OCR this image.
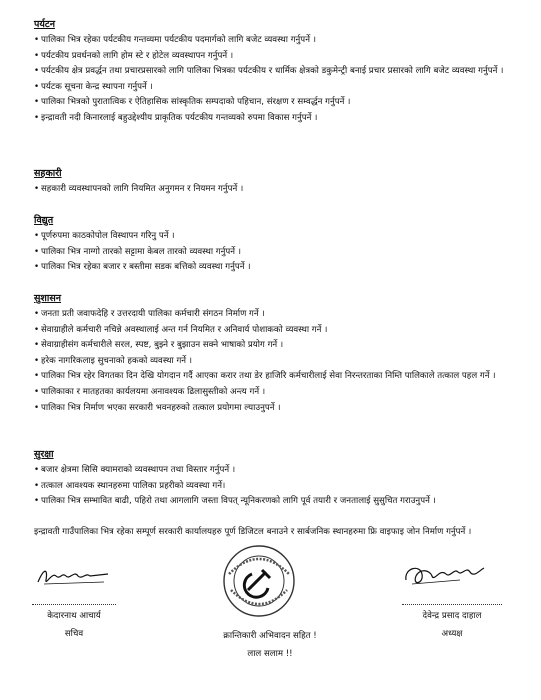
पर्यटन
• पालिका भित्र रहेका पर्यटकीय गन्तव्यमा पर्यटकीय पदमार्गको लागि बजेट व्यवस्था गर्नुपर्ने ।
• पर्यटकीय प्रवर्धनको लागि होम स्टे र होटेल व्यवस्थापन गर्नुपर्ने ।
• पर्यटकीय क्षेत्र प्रवर्द्धन तथा प्रचारप्रसारको लागि पालिका भित्रका पर्यटकीय र धार्मिक क्षेत्रको डकुमेन्ट्री बनाई प्रचार प्रसारको लागि बजेट व्यवस्था गर्नुपर्ने ।
• पर्यटक सूचना केन्द्र स्थापना गर्नुपर्ने ।
• पालिका भित्रको पुरातात्विक र ऐतिहासिक सांस्कृतिक सम्पदाको पहिचान, संरक्षण र सम्वर्द्धन गर्नुपर्ने ।
• इन्द्रावती नदी किनारलाई बहुउद्देश्यीय प्राकृतिक पर्यटकीय गन्तव्यको रुपमा विकास गर्नुपर्ने ।
सहकारी
• सहकारी व्यवस्थापनको लागि नियमित अनुगमन र नियमन गर्नुपर्ने ।
विद्युत
• पूर्णरुपमा काठकोपोल विस्थापन गरिनु पर्ने ।
• पालिका भित्र नाग्गो तारको सट्टामा केबल तारको व्यवस्था गर्नुपर्ने ।
• पालिका भित्र रहेका बजार र बस्तीमा सडक बत्तिको व्यवस्था गर्नुपर्ने ।
सुशासन
• जनता प्रती जवाफदेहि र उत्तरदायी पालिका कर्मचारी संगठन निर्माण गर्ने ।
• सेवाग्राहीले कर्मचारी नचिन्ने अवस्थालाई अन्त गर्न नियमित र अनिवार्य पोशाकको व्यवस्था गर्ने ।
• सेवाग्राहीसंग कर्मचारीले सरल, स्पष्ट, बुझ्ने र बुझाउन सक्ने भाषाको प्रयोग गर्ने ।
• हरेक नागरिकलाइ सुचनाको हकको व्यवस्था गर्ने ।
• पालिका भित्र रहेर विगतका दिन देखि योगदान गर्दै आएका करार तथा डेर हाजिरि कर्मचारीलाई सेवा निरन्तरताका निम्ति पालिकाले तत्काल पहल गर्ने ।
• पालिकाका र मातहतका कार्यलयमा अनावश्यक ढिलासुस्तीको अन्त्य गर्ने ।
• पालिका भित्र निर्माण भएका सरकारी भवनहरुको तत्काल प्रयोगमा ल्याउनुपर्ने ।
सुरक्षा
• बजार क्षेत्रमा सिसि क्यामराको व्यवस्थापन तथा विस्तार गर्नुपर्ने ।
• तत्काल आवश्यक स्थानहरुमा पालिका प्रहरीको व्यवस्था गर्ने।
• पालिका भित्र सम्भावित बाढी, पहिरो तथा आगलागि जस्ता विपत् न्यूनिकरणको लागि पूर्व तयारी र जनतालाई सुसुचित गराउनुपर्ने ।
इन्द्रावती गाउँपालिका भित्र रहेका सम्पूर्ण सरकारी कार्यालयहरु पूर्ण डिजिटल बनाउने र सार्बजनिक स्थानहरुमा फ्रि वाइफाइ जोन निर्माण गर्नुपर्ने ।
केदारनाथ आचार्य
सचिव	क्रान्तिकारी अभिवादन सहित !
लाल सलाम !!
देवेन्द्र प्रसाद दाहाल
अध्यक्ष
